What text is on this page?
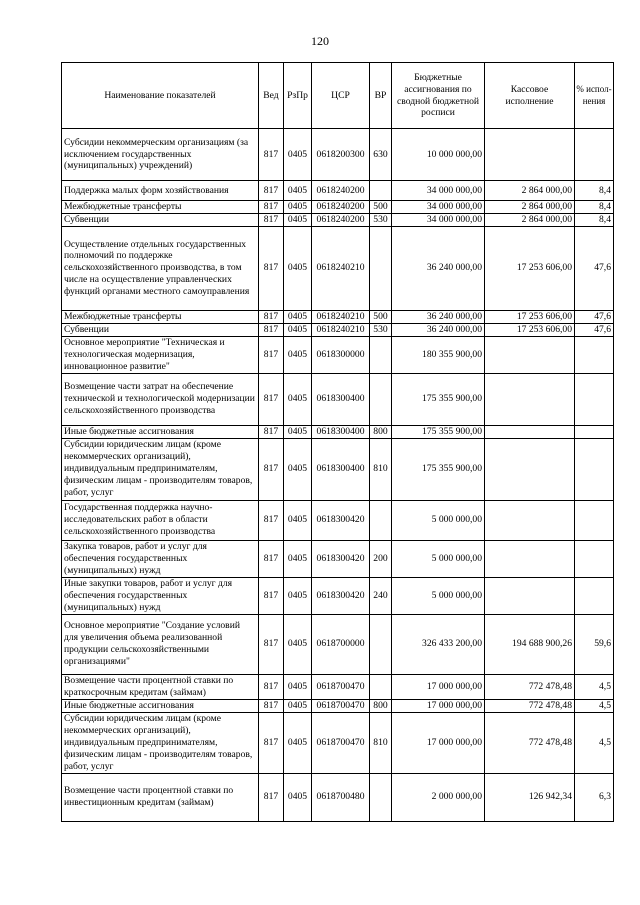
120
Наименование показателей	Вед	РзПр	ЦСР	ВР	Бюджетные ассигнования по сводной бюджетной росписи	Кассовое исполнение	% испол-нения
Субсидии некоммерческим организациям (за исключением государственных (муниципальных) учреждений)	817	0405	0618200300	630	10 000 000,00		
Поддержка малых форм хозяйствования	817	0405	0618240200		34 000 000,00	2 864 000,00	8,4
Межбюджетные трансферты	817	0405	0618240200	500	34 000 000,00	2 864 000,00	8,4
Субвенции	817	0405	0618240200	530	34 000 000,00	2 864 000,00	8,4
Осуществление отдельных государственных полномочий по поддержке сельскохозяйственного производства, в том числе на осуществление управленческих функций органами местного самоуправления	817	0405	0618240210		36 240 000,00	17 253 606,00	47,6
Межбюджетные трансферты	817	0405	0618240210	500	36 240 000,00	17 253 606,00	47,6
Субвенции	817	0405	0618240210	530	36 240 000,00	17 253 606,00	47,6
Основное мероприятие "Техническая и технологическая модернизация, инновационное развитие"	817	0405	0618300000		180 355 900,00		
Возмещение части затрат на обеспечение технической и технологической модернизации сельскохозяйственного производства	817	0405	0618300400		175 355 900,00		
Иные бюджетные ассигнования	817	0405	0618300400	800	175 355 900,00		
Субсидии юридическим лицам (кроме некоммерческих организаций), индивидуальным предпринимателям, физическим лицам - производителям товаров, работ, услуг	817	0405	0618300400	810	175 355 900,00		
Государственная поддержка научно-исследовательских работ в области сельскохозяйственного производства	817	0405	0618300420		5 000 000,00		
Закупка товаров, работ и услуг для обеспечения государственных (муниципальных) нужд	817	0405	0618300420	200	5 000 000,00		
Иные закупки товаров, работ и услуг для обеспечения государственных (муниципальных) нужд	817	0405	0618300420	240	5 000 000,00		
Основное мероприятие "Создание условий для увеличения объема реализованной продукции сельскохозяйственными организациями"	817	0405	0618700000		326 433 200,00	194 688 900,26	59,6
Возмещение части процентной ставки по краткосрочным кредитам (займам)	817	0405	0618700470		17 000 000,00	772 478,48	4,5
Иные бюджетные ассигнования	817	0405	0618700470	800	17 000 000,00	772 478,48	4,5
Субсидии юридическим лицам (кроме некоммерческих организаций), индивидуальным предпринимателям, физическим лицам - производителям товаров, работ, услуг	817	0405	0618700470	810	17 000 000,00	772 478,48	4,5
Возмещение части процентной ставки по инвестиционным кредитам (займам)	817	0405	0618700480		2 000 000,00	126 942,34	6,3
